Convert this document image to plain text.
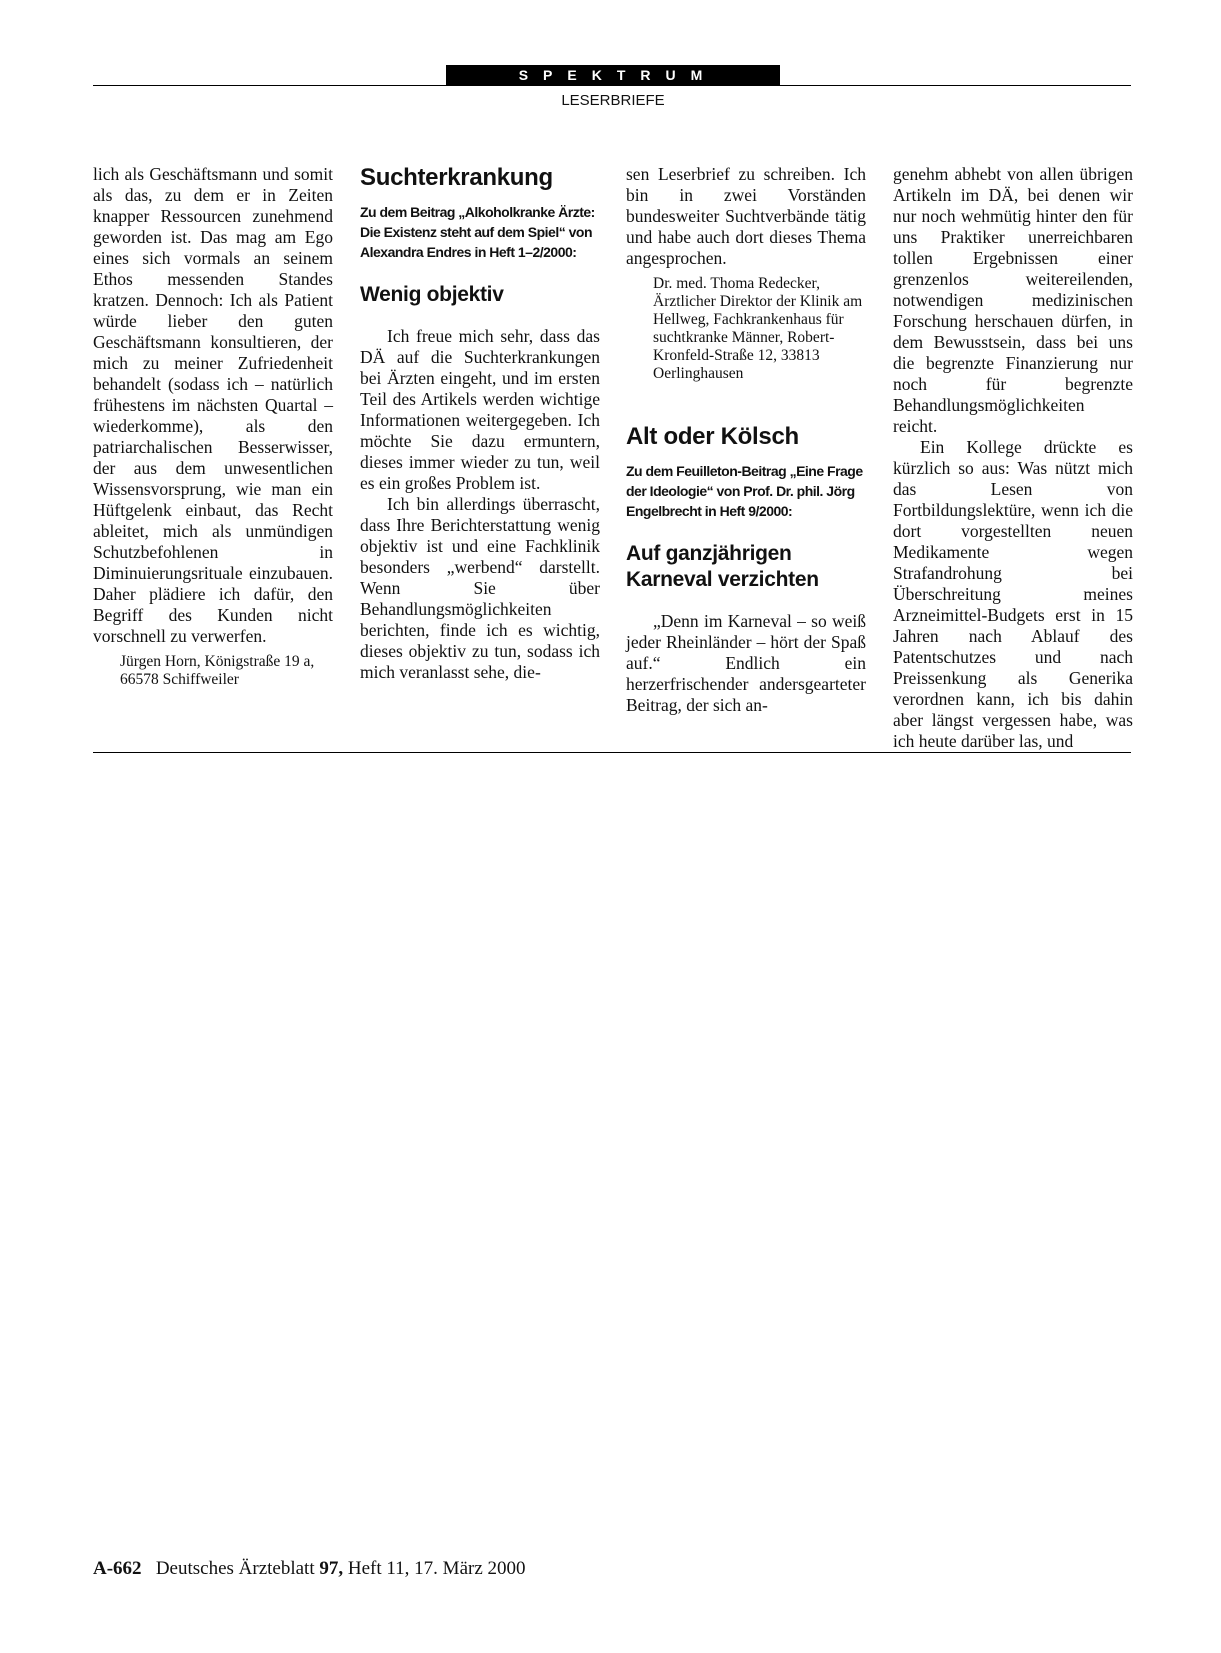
SPEKTRUM
LESERBRIEFE

lich als Geschäftsmann und somit als das, zu dem er in Zeiten knapper Ressourcen zunehmend geworden ist. Das mag am Ego eines sich vormals an seinem Ethos messenden Standes kratzen. Dennoch: Ich als Patient würde lieber den guten Geschäftsmann konsultieren, der mich zu meiner Zufriedenheit behandelt (sodass ich – natürlich frühestens im nächsten Quartal – wiederkomme), als den patriarchalischen Besserwisser, der aus dem unwesentlichen Wissensvorsprung, wie man ein Hüftgelenk einbaut, das Recht ableitet, mich als unmündigen Schutzbefohlenen in Diminuierungsrituale einzubauen. Daher plädiere ich dafür, den Begriff des Kunden nicht vorschnell zu verwerfen.

Jürgen Horn, Königstraße 19 a, 66578 Schiffweiler

Suchterkrankung
Zu dem Beitrag „Alkoholkranke Ärzte: Die Existenz steht auf dem Spiel“ von Alexandra Endres in Heft 1–2/2000:
Wenig objektiv

Ich freue mich sehr, dass das DÄ auf die Suchterkrankungen bei Ärzten eingeht, und im ersten Teil des Artikels werden wichtige Informationen weitergegeben. Ich möchte Sie dazu ermuntern, dieses immer wieder zu tun, weil es ein großes Problem ist.

Ich bin allerdings überrascht, dass Ihre Berichterstattung wenig objektiv ist und eine Fachklinik besonders „werbend“ darstellt. Wenn Sie über Behandlungsmöglichkeiten berichten, finde ich es wichtig, dieses objektiv zu tun, sodass ich mich veranlasst sehe, die-

sen Leserbrief zu schreiben. Ich bin in zwei Vorständen bundesweiter Suchtverbände tätig und habe auch dort dieses Thema angesprochen.

Dr. med. Thoma Redecker, Ärztlicher Direktor der Klinik am Hellweg, Fachkrankenhaus für suchtkranke Männer, Robert-Kronfeld-Straße 12, 33813 Oerlinghausen

Alt oder Kölsch
Zu dem Feuilleton-Beitrag „Eine Frage der Ideologie“ von Prof. Dr. phil. Jörg Engelbrecht in Heft 9/2000:
Auf ganzjährigen Karneval verzichten

„Denn im Karneval – so weiß jeder Rheinländer – hört der Spaß auf.“ Endlich ein herzerfrischender andersgearteter Beitrag, der sich an-

genehm abhebt von allen übrigen Artikeln im DÄ, bei denen wir nur noch wehmütig hinter den für uns Praktiker unerreichbaren tollen Ergebnissen einer grenzenlos weitereilenden, notwendigen medizinischen Forschung herschauen dürfen, in dem Bewusstsein, dass bei uns die begrenzte Finanzierung nur noch für begrenzte Behandlungsmöglichkeiten reicht.

Ein Kollege drückte es kürzlich so aus: Was nützt mich das Lesen von Fortbildungslektüre, wenn ich die dort vorgestellten neuen Medikamente wegen Strafandrohung bei Überschreitung meines Arzneimittel-Budgets erst in 15 Jahren nach Ablauf des Patentschutzes und nach Preissenkung als Generika verordnen kann, ich bis dahin aber längst vergessen habe, was ich heute darüber las, und

A-662 Deutsches Ärzteblatt 97, Heft 11, 17. März 2000
